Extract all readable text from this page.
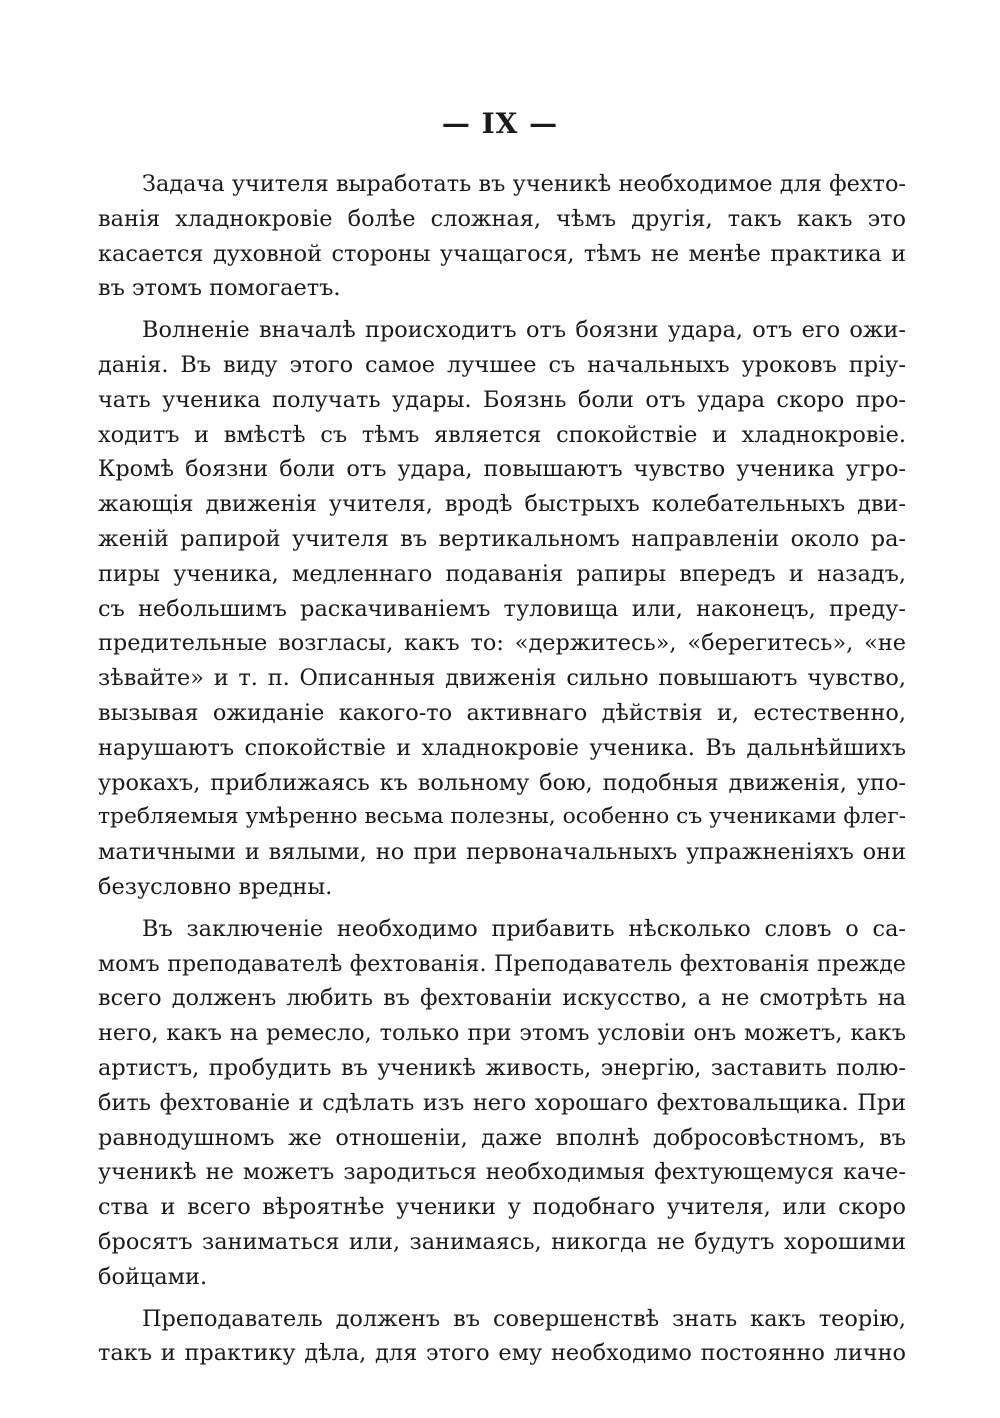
— IX —
Задача учителя выработать въ ученикѣ необходимое для фехто-
ванія хладнокровіе болѣе сложная, чѣмъ другія, такъ какъ это
касается духовной стороны учащагося, тѣмъ не менѣе практика и
въ этомъ помогаетъ.
Волненіе вначалѣ происходитъ отъ боязни удара, отъ его ожи-
данія. Въ виду этого самое лучшее съ начальныхъ уроковъ пріу-
чать ученика получать удары. Боязнь боли отъ удара скоро про-
ходитъ и вмѣстѣ съ тѣмъ является спокойствіе и хладнокровіе.
Кромѣ боязни боли отъ удара, повышаютъ чувство ученика угро-
жающія движенія учителя, вродѣ быстрыхъ колебательныхъ дви-
женій рапирой учителя въ вертикальномъ направленіи около ра-
пиры ученика, медленнаго подаванія рапиры впередъ и назадъ,
съ небольшимъ раскачиваніемъ туловища или, наконецъ, преду-
предительные возгласы, какъ то: «держитесь», «берегитесь», «не
зѣвайте» и т. п. Описанныя движенія сильно повышаютъ чувство,
вызывая ожиданіе какого-то активнаго дѣйствія и, естественно,
нарушаютъ спокойствіе и хладнокровіе ученика. Въ дальнѣйшихъ
урокахъ, приближаясь къ вольному бою, подобныя движенія, упо-
требляемыя умѣренно весьма полезны, особенно съ учениками флег-
матичными и вялыми, но при первоначальныхъ упражненіяхъ они
безусловно вредны.
Въ заключеніе необходимо прибавить нѣсколько словъ о са-
момъ преподавателѣ фехтованія. Преподаватель фехтованія прежде
всего долженъ любить въ фехтованіи искусство, а не смотрѣть на
него, какъ на ремесло, только при этомъ условіи онъ можетъ, какъ
артистъ, пробудить въ ученикѣ живость, энергію, заставить полю-
бить фехтованіе и сдѣлать изъ него хорошаго фехтовальщика. При
равнодушномъ же отношеніи, даже вполнѣ добросовѣстномъ, въ
ученикѣ не можетъ зародиться необходимыя фехтующемуся каче-
ства и всего вѣроятнѣе ученики у подобнаго учителя, или скоро
бросятъ заниматься или, занимаясь, никогда не будутъ хорошими
бойцами.
Преподаватель долженъ въ совершенствѣ знать какъ теорію,
такъ и практику дѣла, для этого ему необходимо постоянно лично
